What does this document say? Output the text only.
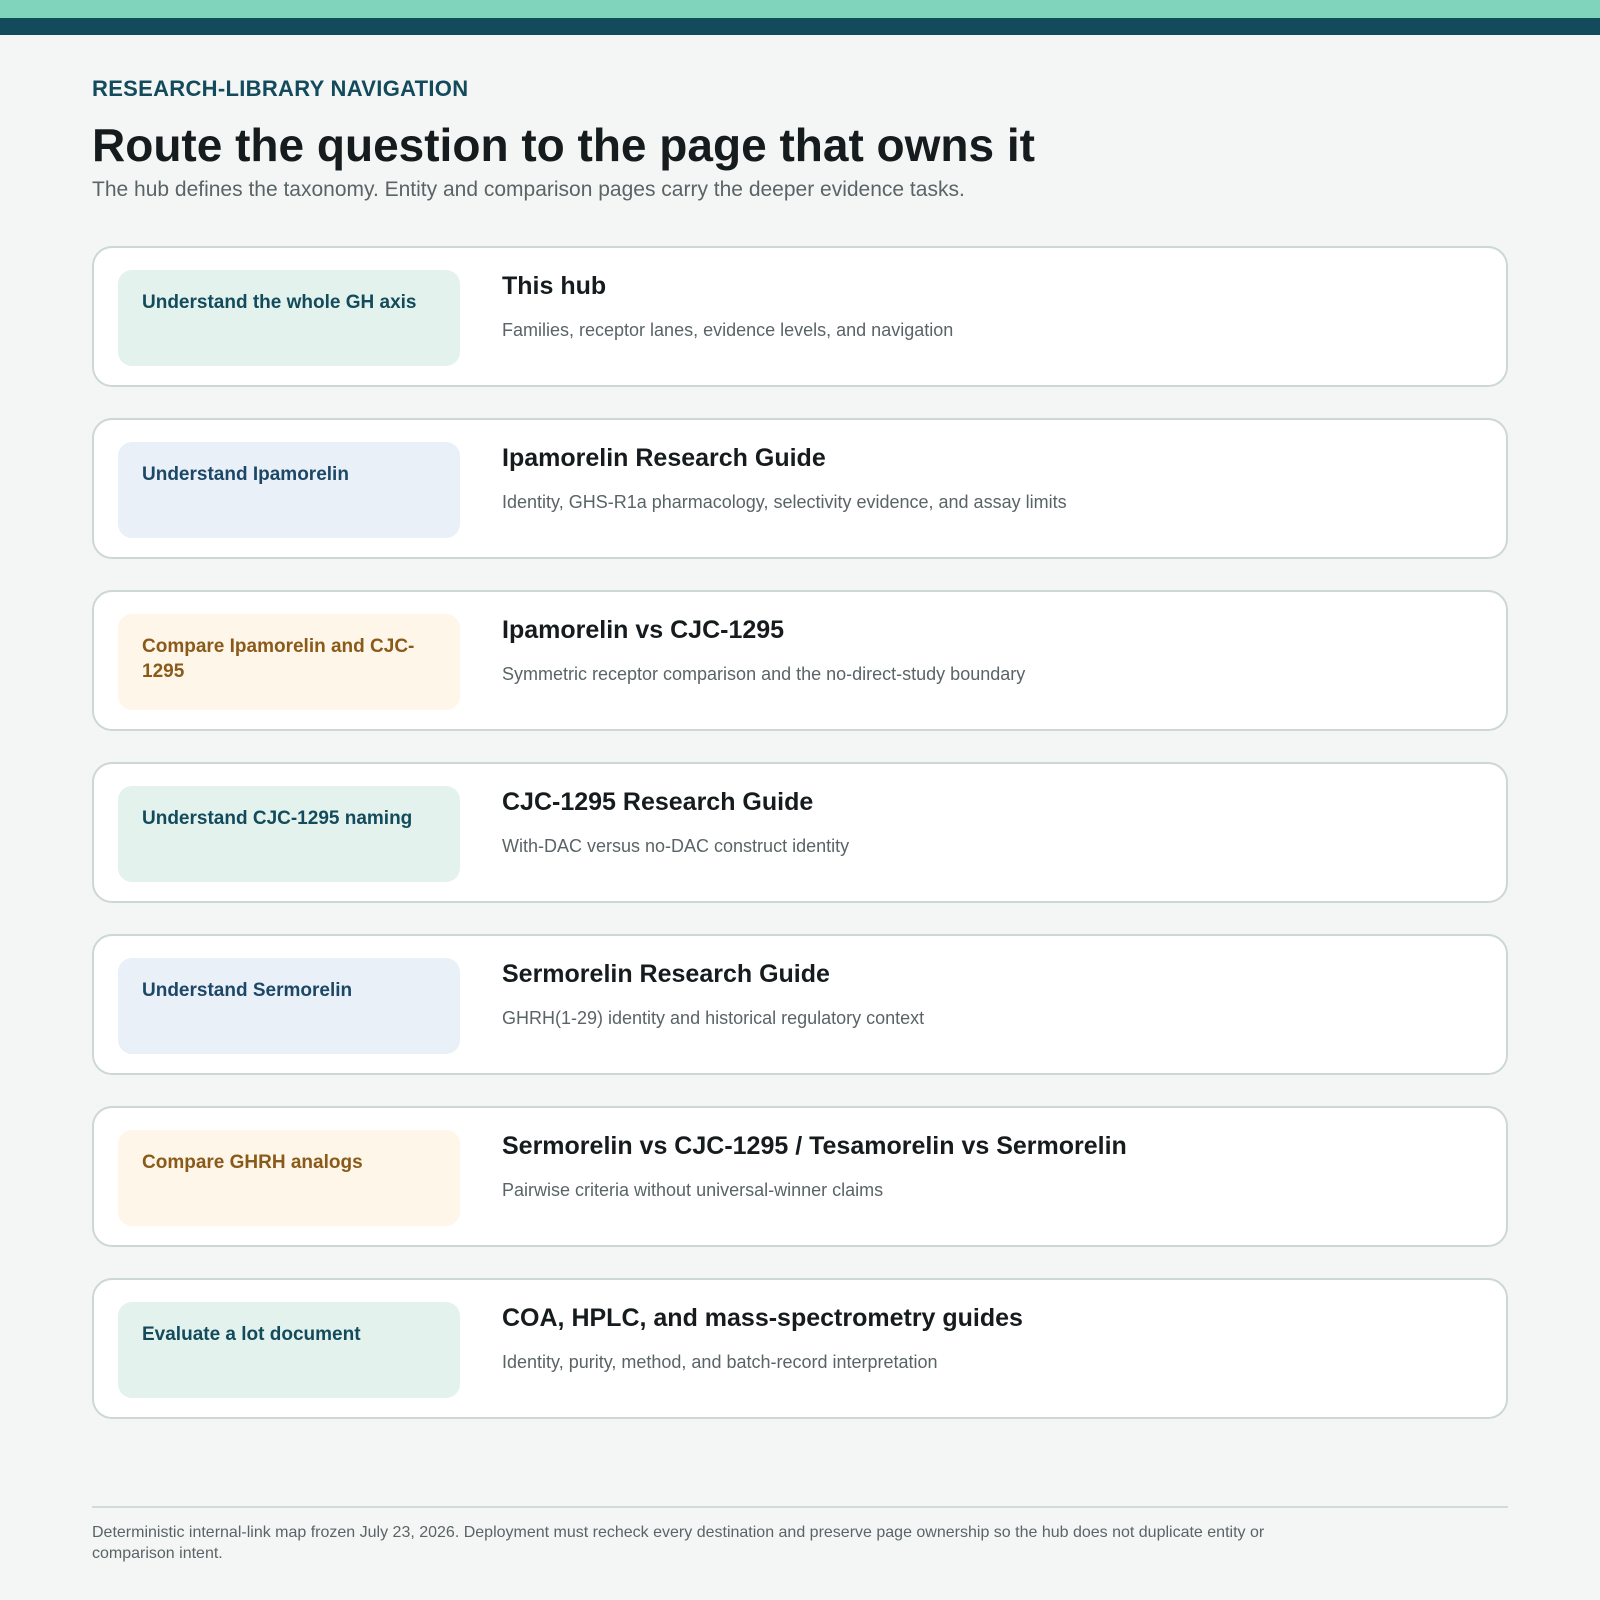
RESEARCH-LIBRARY NAVIGATION
Route the question to the page that owns it

The hub defines the taxonomy. Entity and comparison pages carry the deeper evidence tasks.

Understand the whole GH axis
This hub
Families, receptor lanes, evidence levels, and navigation
Understand Ipamorelin
Ipamorelin Research Guide
Identity, GHS-R1a pharmacology, selectivity evidence, and assay limits
Compare Ipamorelin and CJC-1295
Ipamorelin vs CJC-1295
Symmetric receptor comparison and the no-direct-study boundary
Understand CJC-1295 naming
CJC-1295 Research Guide
With-DAC versus no-DAC construct identity
Understand Sermorelin
Sermorelin Research Guide
GHRH(1-29) identity and historical regulatory context
Compare GHRH analogs
Sermorelin vs CJC-1295 / Tesamorelin vs Sermorelin
Pairwise criteria without universal-winner claims
Evaluate a lot document
COA, HPLC, and mass-spectrometry guides
Identity, purity, method, and batch-record interpretation

Deterministic internal-link map frozen July 23, 2026. Deployment must recheck every destination and preserve page ownership so the hub does not duplicate entity or comparison intent.
